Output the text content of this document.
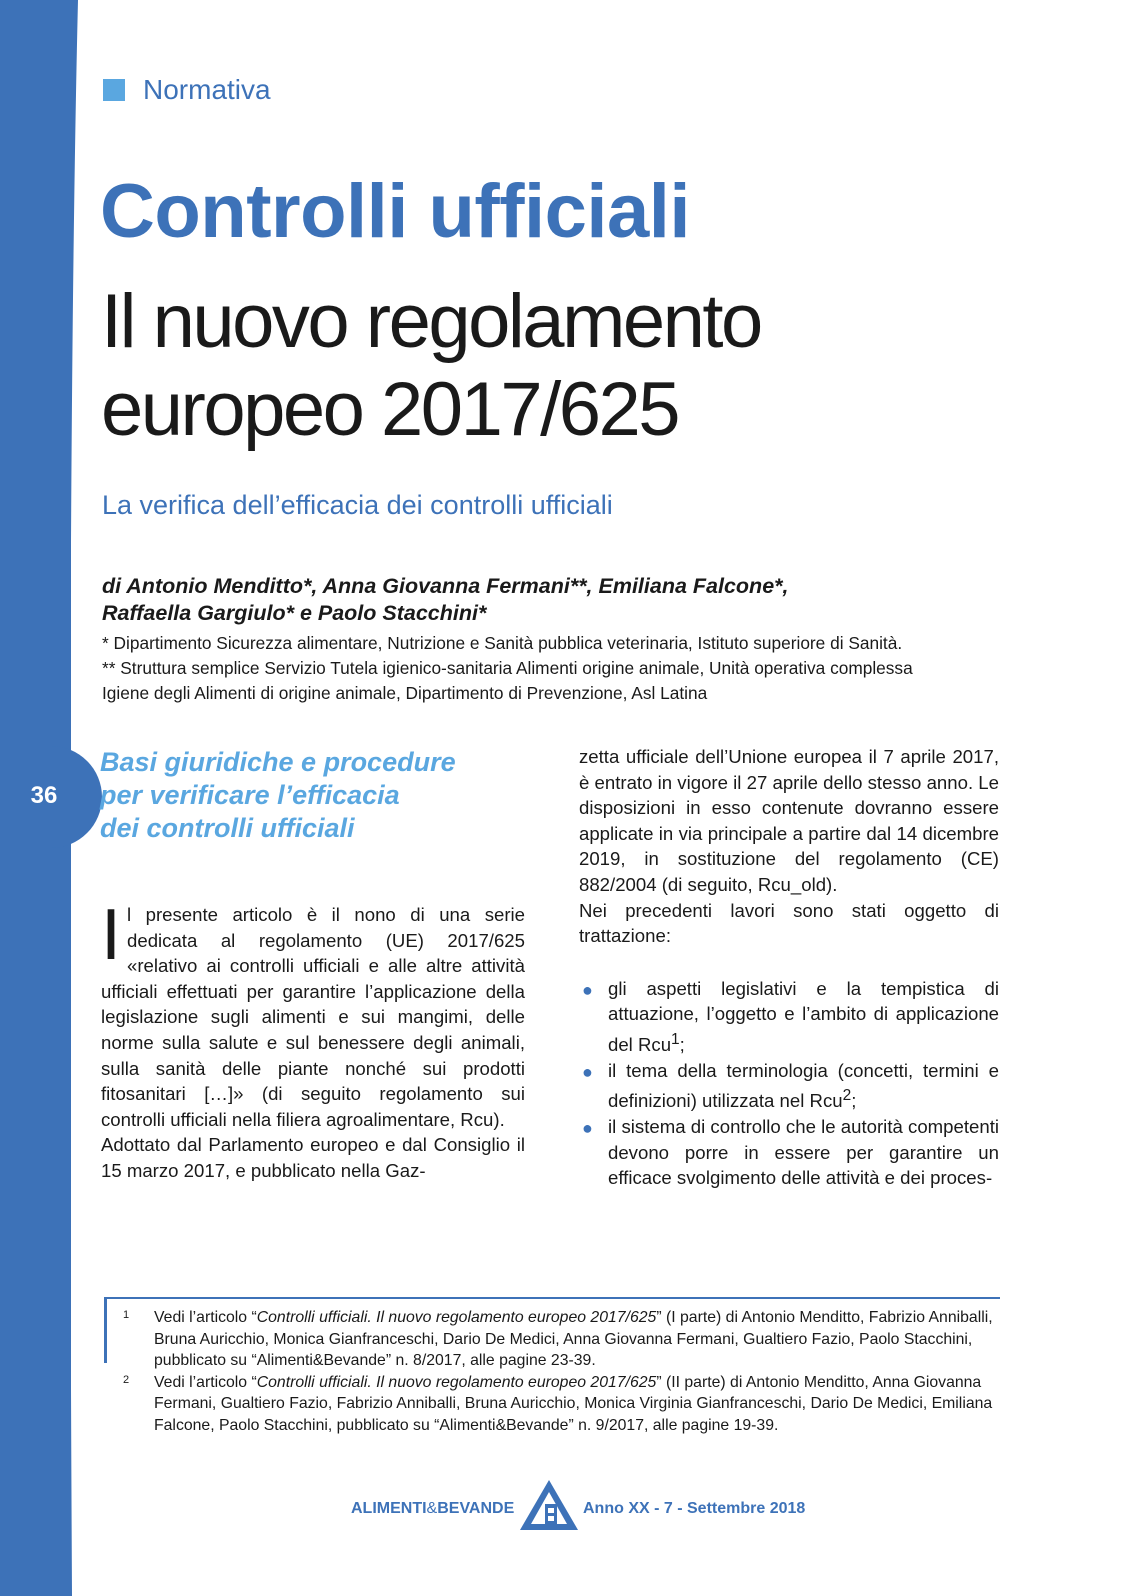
36
Normativa
Controlli ufficiali
Il nuovo regolamento
europeo 2017/625
La verifica dell’efficacia dei controlli ufficiali
di Antonio Menditto*, Anna Giovanna Fermani**, Emiliana Falcone*,
Raffaella Gargiulo* e Paolo Stacchini*
* Dipartimento Sicurezza alimentare, Nutrizione e Sanità pubblica veterinaria, Istituto superiore di Sanità.
** Struttura semplice Servizio Tutela igienico-sanitaria Alimenti origine animale, Unità operativa complessa
Igiene degli Alimenti di origine animale, Dipartimento di Prevenzione, Asl Latina
Basi giuridiche e procedure
per verificare l’efficacia
dei controlli ufficiali

Il presente articolo è il nono di una serie dedicata al regolamento (UE) 2017/625 «relativo ai controlli ufficiali e alle altre attività ufficiali effettuati per garantire l’applicazione della legislazione sugli alimenti e sui mangimi, delle norme sulla salute e sul benessere degli animali, sulla sanità delle piante nonché sui prodotti fitosanitari […]» (di seguito regolamento sui controlli ufficiali nella filiera agroalimentare, Rcu).

Adottato dal Parlamento europeo e dal Consiglio il 15 marzo 2017, e pubblicato nella Gaz-

zetta ufficiale dell’Unione europea il 7 aprile 2017, è entrato in vigore il 27 aprile dello stesso anno. Le disposizioni in esso contenute dovranno essere applicate in via principale a partire dal 14 dicembre 2019, in sostituzione del regolamento (CE) 882/2004 (di seguito, Rcu_old).

Nei precedenti lavori sono stati oggetto di trattazione:

● gli aspetti legislativi e la tempistica di attuazione, l’oggetto e l’ambito di applicazione del Rcu$^1$;
● il tema della terminologia (concetti, termini e definizioni) utilizzata nel Rcu$^2$;
● il sistema di controllo che le autorità competenti devono porre in essere per garantire un efficace svolgimento delle attività e dei proces-
1 Vedi l’articolo “Controlli ufficiali. Il nuovo regolamento europeo 2017/625” (I parte) di Antonio Menditto, Fabrizio Anniballi, Bruna Auricchio, Monica Gianfranceschi, Dario De Medici, Anna Giovanna Fermani, Gualtiero Fazio, Paolo Stacchini, pubblicato su “Alimenti&Bevande” n. 8/2017, alle pagine 23-39.
2 Vedi l’articolo “Controlli ufficiali. Il nuovo regolamento europeo 2017/625” (II parte) di Antonio Menditto, Anna Giovanna Fermani, Gualtiero Fazio, Fabrizio Anniballi, Bruna Auricchio, Monica Virginia Gianfranceschi, Dario De Medici, Emiliana Falcone, Paolo Stacchini, pubblicato su “Alimenti&Bevande” n. 9/2017, alle pagine 19-39.
ALIMENTI&BEVANDE	Anno XX - 7 - Settembre 2018
